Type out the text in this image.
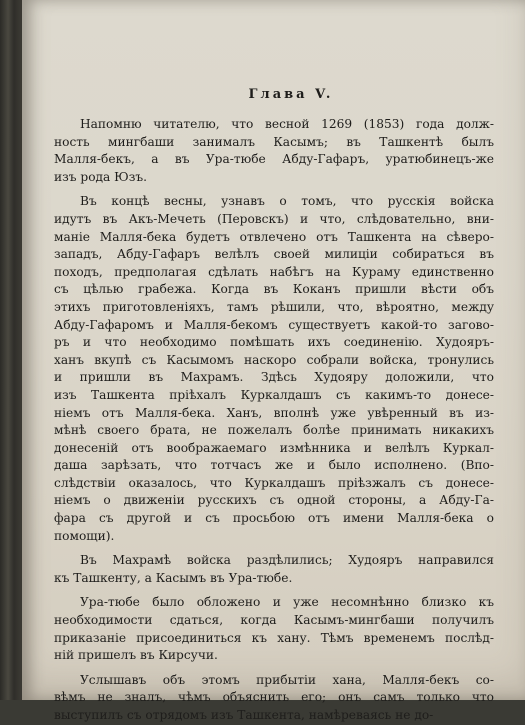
Глава V.
Напомню читателю, что весной 1269 (1853) года долж-
ность мингбаши занималъ Касымъ; въ Ташкентѣ былъ
Малля-бекъ, а въ Ура-тюбе Абду-Гафаръ, уратюбинецъ-же
изъ рода Юзъ.
Въ концѣ весны, узнавъ о томъ, что русскія войска
идутъ въ Акъ-Мечеть (Перовскъ) и что, слѣдовательно, вни-
маніе Малля-бека будетъ отвлечено отъ Ташкента на сѣверо-
западъ, Абду-Гафаръ велѣлъ своей милиціи собираться въ
походъ, предполагая сдѣлать набѣгъ на Кураму единственно
съ цѣлью грабежа. Когда въ Коканъ пришли вѣсти объ
этихъ приготовленіяхъ, тамъ рѣшили, что, вѣроятно, между
Абду-Гафаромъ и Малля-бекомъ существуетъ какой-то загово-
ръ и что необходимо помѣшать ихъ соединенію. Худояръ-
ханъ вкупѣ съ Касымомъ наскоро собрали войска, тронулись
и пришли въ Махрамъ. Здѣсь Худояру доложили, что
изъ Ташкента пріѣхалъ Куркалдашъ съ какимъ-то донесе-
ніемъ отъ Малля-бека. Ханъ, вполнѣ уже увѣренный въ из-
мѣнѣ своего брата, не пожелалъ болѣе принимать никакихъ
донесеній отъ воображаемаго измѣнника и велѣлъ Куркал-
дашa зарѣзать, что тотчасъ же и было исполнено. (Впо-
слѣдствіи оказалось, что Куркалдашъ пріѣзжалъ съ донесе-
ніемъ о движеніи русскихъ съ одной стороны, а Абду-Гa-
фара съ другой и съ просьбою отъ имени Малля-бека о
помощи).
Въ Махрамѣ войска раздѣлились; Худояръ направился
къ Ташкенту, а Касымъ въ Ура-тюбе.
Ура-тюбе было обложено и уже несомнѣнно близко къ
необходимости сдаться, когда Касымъ-мингбаши получилъ
приказаніе присоединиться къ хану. Тѣмъ временемъ послѣд-
ній пришелъ въ Кирсучи.
Услышавъ объ этомъ прибытіи хана, Малля-бекъ со-
вѣмъ не зналъ, чѣмъ объяснить его; онъ самъ только что
выступилъ съ отрядомъ изъ Ташкента, намѣреваясь не до-
